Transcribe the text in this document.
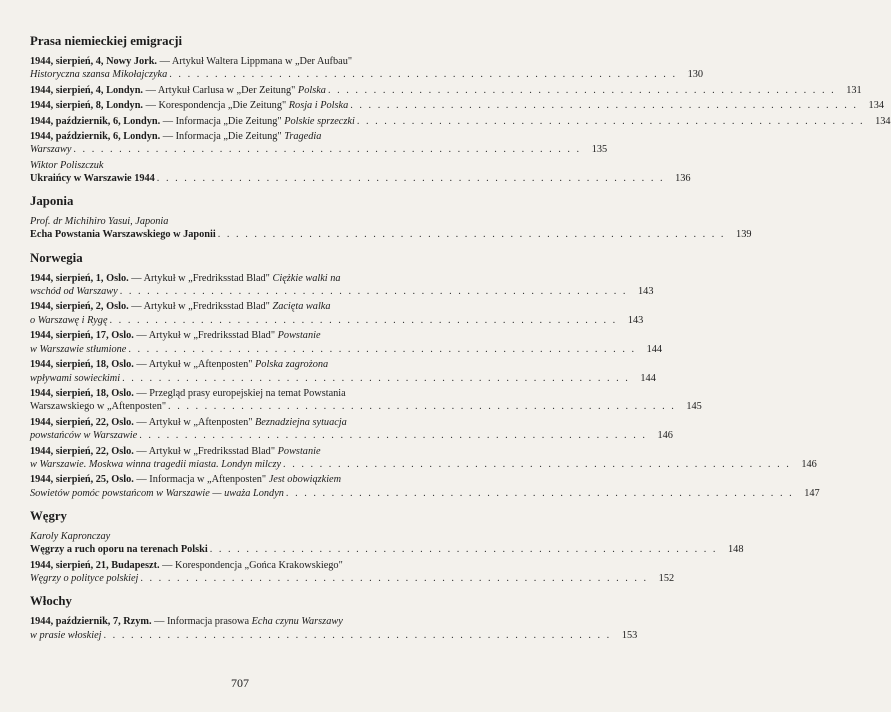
Prasa niemieckiej emigracji
1944, sierpień, 4, Nowy Jork. — Artykuł Waltera Lippmana w „Der Aufbau"
Historyczna szansa Mikołajczyka . . . . . . . . . . . . . . . . . . . . . . . . . . . . . . . . . . . . . . . . . . . . . . . . . . . . . . . .	130
1944, sierpień, 4, Londyn. — Artykuł Carlusa w „Der Zeitung" Polska . . . . . . . . . . . . . . . . . . . . . . . . . . . . . . . . . . . . . . . . . . . . . . . . . . . . . . . .	131
1944, sierpień, 8, Londyn. — Korespondencja „Die Zeitung" Rosja i Polska . . . . . . . . . . . . . . . . . . . . . . . . . . . . . . . . . . . . . . . . . . . . . . . . . . . . . . . .	134
1944, październik, 6, Londyn. — Informacja „Die Zeitung" Polskie sprzeczki . . . . . . . . . . . . . . . . . . . . . . . . . . . . . . . . . . . . . . . . . . . . . . . . . . . . . . . .	134
1944, październik, 6, Londyn. — Informacja „Die Zeitung" Tragedia
Warszawy . . . . . . . . . . . . . . . . . . . . . . . . . . . . . . . . . . . . . . . . . . . . . . . . . . . . . . . .	135
Wiktor Poliszczuk
Ukraińcy w Warszawie 1944 . . . . . . . . . . . . . . . . . . . . . . . . . . . . . . . . . . . . . . . . . . . . . . . . . . . . . . . .	136
Japonia
Prof. dr Michihiro Yasui, Japonia
Echa Powstania Warszawskiego w Japonii . . . . . . . . . . . . . . . . . . . . . . . . . . . . . . . . . . . . . . . . . . . . . . . . . . . . . . . .	139
Norwegia
1944, sierpień, 1, Oslo. — Artykuł w „Fredriksstad Blad" Ciężkie walki na
wschód od Warszawy . . . . . . . . . . . . . . . . . . . . . . . . . . . . . . . . . . . . . . . . . . . . . . . . . . . . . . . .	143
1944, sierpień, 2, Oslo. — Artykuł w „Fredriksstad Blad" Zacięta walka
o Warszawę i Rygę . . . . . . . . . . . . . . . . . . . . . . . . . . . . . . . . . . . . . . . . . . . . . . . . . . . . . . . .	143
1944, sierpień, 17, Oslo. — Artykuł w „Fredriksstad Blad" Powstanie
w Warszawie stłumione . . . . . . . . . . . . . . . . . . . . . . . . . . . . . . . . . . . . . . . . . . . . . . . . . . . . . . . .	144
1944, sierpień, 18, Oslo. — Artykuł w „Aftenposten" Polska zagrożona
wpływami sowieckimi . . . . . . . . . . . . . . . . . . . . . . . . . . . . . . . . . . . . . . . . . . . . . . . . . . . . . . . .	144
1944, sierpień, 18, Oslo. — Przegląd prasy europejskiej na temat Powstania
Warszawskiego w „Aftenposten" . . . . . . . . . . . . . . . . . . . . . . . . . . . . . . . . . . . . . . . . . . . . . . . . . . . . . . . .	145
1944, sierpień, 22, Oslo. — Artykuł w „Aftenposten" Beznadziejna sytuacja
powstańców w Warszawie . . . . . . . . . . . . . . . . . . . . . . . . . . . . . . . . . . . . . . . . . . . . . . . . . . . . . . . .	146
1944, sierpień, 22, Oslo. — Artykuł w „Fredriksstad Blad" Powstanie
w Warszawie. Moskwa winna tragedii miasta. Londyn milczy . . . . . . . . . . . . . . . . . . . . . . . . . . . . . . . . . . . . . . . . . . . . . . . . . . . . . . . .	146
1944, sierpień, 25, Oslo. — Informacja w „Aftenposten" Jest obowiązkiem
Sowietów pomóc powstańcom w Warszawie — uważa Londyn . . . . . . . . . . . . . . . . . . . . . . . . . . . . . . . . . . . . . . . . . . . . . . . . . . . . . . . .	147
Węgry
Karoly Kapronczay
Węgrzy a ruch oporu na terenach Polski . . . . . . . . . . . . . . . . . . . . . . . . . . . . . . . . . . . . . . . . . . . . . . . . . . . . . . . .	148
1944, sierpień, 21, Budapeszt. — Korespondencja „Gońca Krakowskiego"
Węgrzy o polityce polskiej . . . . . . . . . . . . . . . . . . . . . . . . . . . . . . . . . . . . . . . . . . . . . . . . . . . . . . . .	152
Włochy
1944, październik, 7, Rzym. — Informacja prasowa Echa czynu Warszawy
w prasie włoskiej . . . . . . . . . . . . . . . . . . . . . . . . . . . . . . . . . . . . . . . . . . . . . . . . . . . . . . . .	153
707
